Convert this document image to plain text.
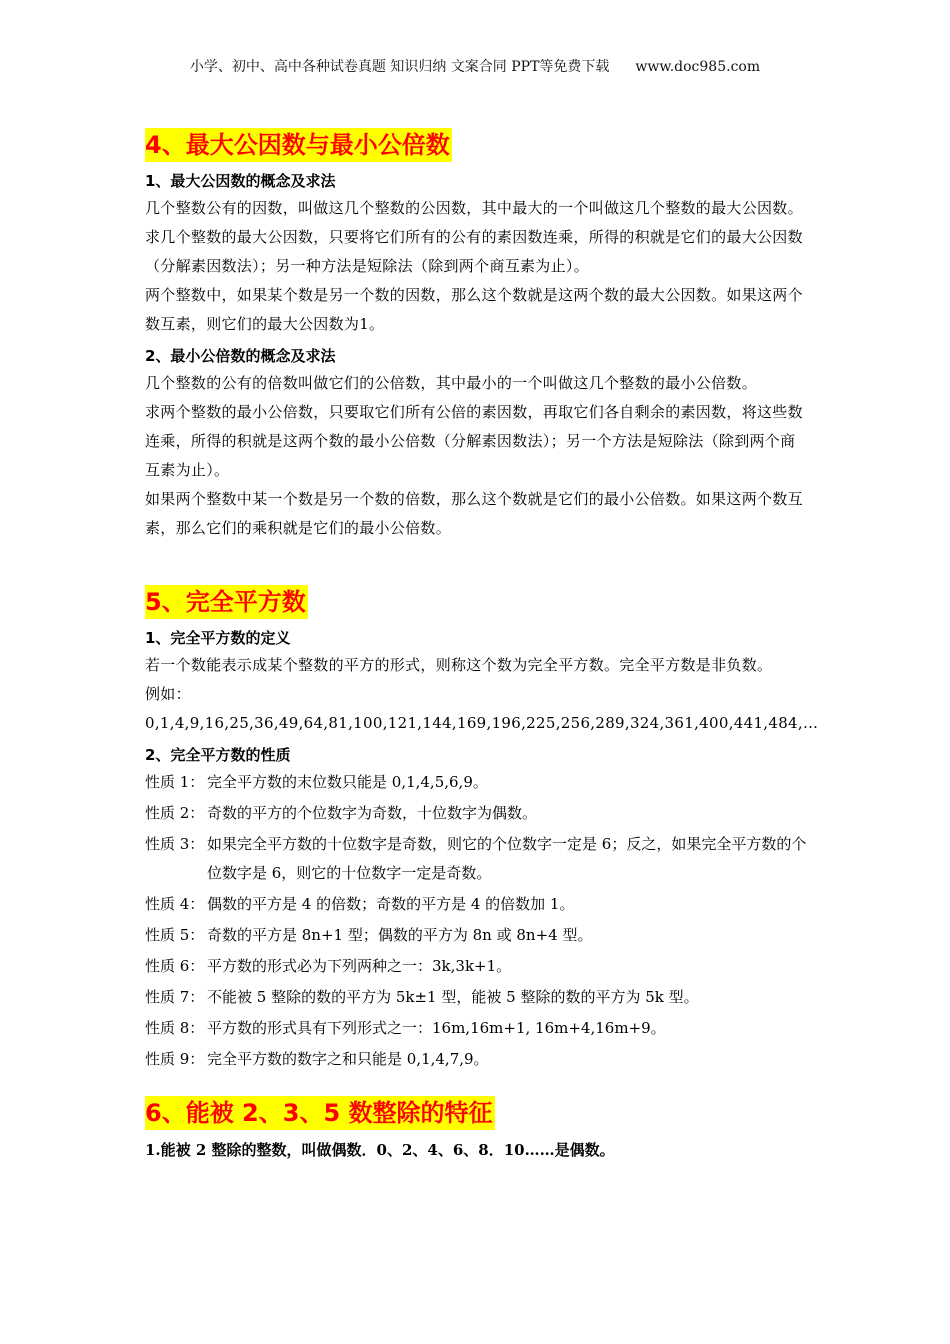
小学、初中、高中各种试卷真题 知识归纳 文案合同 PPT等免费下载 www.doc985.com
4、最大公因数与最小公倍数
1、最大公因数的概念及求法

几个整数公有的因数，叫做这几个整数的公因数，其中最大的一个叫做这几个整数的最大公因数。

求几个整数的最大公因数，只要将它们所有的公有的素因数连乘，所得的积就是它们的最大公因数（分解素因数法）；另一种方法是短除法（除到两个商互素为止）。

两个整数中，如果某个数是另一个数的因数，那么这个数就是这两个数的最大公因数。如果这两个数互素，则它们的最大公因数为1。

2、最小公倍数的概念及求法

几个整数的公有的倍数叫做它们的公倍数，其中最小的一个叫做这几个整数的最小公倍数。

求两个整数的最小公倍数，只要取它们所有公倍的素因数，再取它们各自剩余的素因数，将这些数连乘，所得的积就是这两个数的最小公倍数（分解素因数法）；另一个方法是短除法（除到两个商互素为止）。

如果两个整数中某一个数是另一个数的倍数，那么这个数就是它们的最小公倍数。如果这两个数互素，那么它们的乘积就是它们的最小公倍数。

5、完全平方数
1、完全平方数的定义

若一个数能表示成某个整数的平方的形式，则称这个数为完全平方数。完全平方数是非负数。

例如：0,1,4,9,16,25,36,49,64,81,100,121,144,169,196,225,256,289,324,361,400,441,484,…

2、完全平方数的性质
性质 1： 完全平方数的末位数只能是 0,1,4,5,6,9。
性质 2： 奇数的平方的个位数字为奇数，十位数字为偶数。
性质 3： 如果完全平方数的十位数字是奇数，则它的个位数字一定是 6；反之，如果完全平方数的个位数字是 6，则它的十位数字一定是奇数。
性质 4： 偶数的平方是 4 的倍数；奇数的平方是 4 的倍数加 1。
性质 5： 奇数的平方是 8n+1 型；偶数的平方为 8n 或 8n+4 型。
性质 6： 平方数的形式必为下列两种之一：3k,3k+1。
性质 7： 不能被 5 整除的数的平方为 5k±1 型，能被 5 整除的数的平方为 5k 型。
性质 8： 平方数的形式具有下列形式之一：16m,16m+1, 16m+4,16m+9。
性质 9： 完全平方数的数字之和只能是 0,1,4,7,9。
6、能被 2、3、5 数整除的特征
1.能被 2 整除的整数，叫做偶数．0、2、4、6、8．10……是偶数。
